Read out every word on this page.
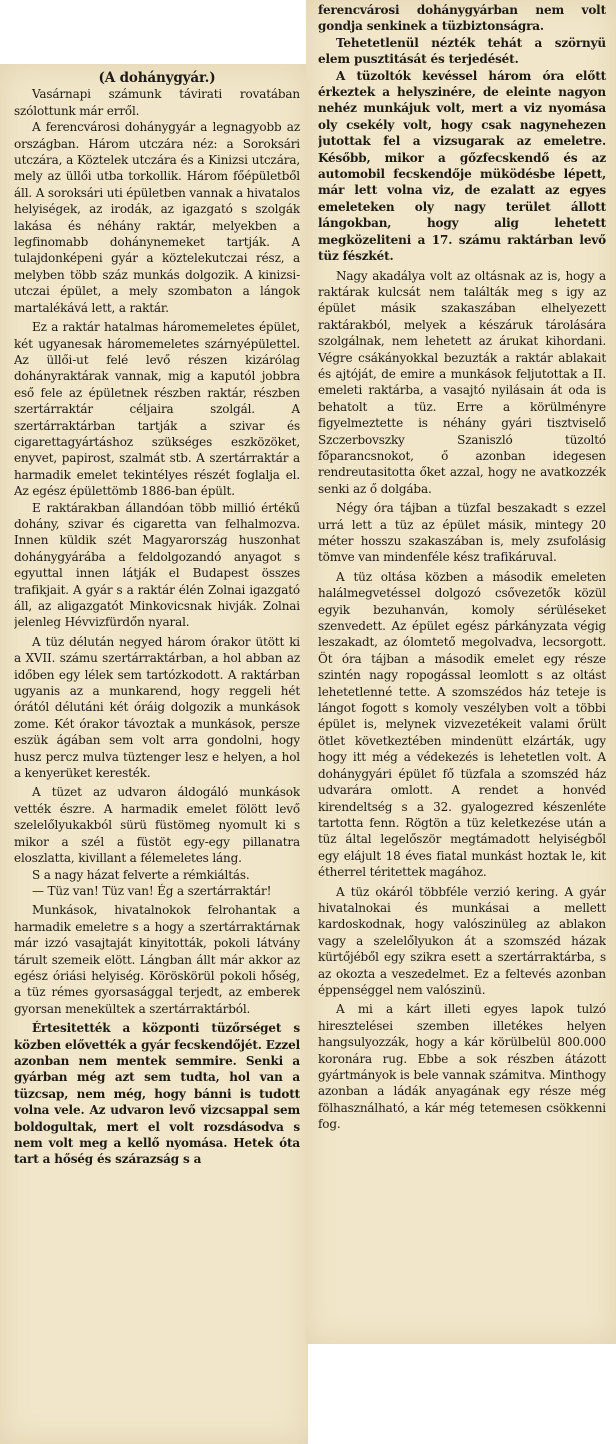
(A dohánygyár.)

Vasárnapi számunk távirati rovatában szólottunk már erről.

A ferencvárosi dohánygyár a legnagyobb az országban. Három utczára néz: a Soroksári utczára, a Köztelek utczára és a Kinizsi utczára, mely az üllői utba torkollik. Három főépületből áll. A soroksári uti épületben vannak a hivatalos helyiségek, az irodák, az igazgató s szolgák lakása és néhány raktár, melyekben a legfinomabb dohánynemeket tartják. A tulajdonképeni gyár a köztelekutczai rész, a melyben több száz munkás dolgozik. A kinizsi-utczai épület, a mely szombaton a lángok martalékává lett, a raktár.

Ez a raktár hatalmas háromemeletes épület, két ugyanesak háromemeletes szárnyépülettel. Az üllői-ut felé levő részen kizárólag dohányraktárak vannak, mig a kaputól jobbra eső fele az épületnek részben raktár, részben szertárraktár céljaira szolgál. A szertárraktárban tartják a szivar és cigarettagyártáshoz szükséges eszközöket, enyvet, papirost, szalmát stb. A szertárraktár a harmadik emelet tekintélyes részét foglalja el. Az egész épülettömb 1886-ban épült.

E raktárakban állandóan több millió értékű dohány, szivar és cigaretta van felhalmozva. Innen küldik szét Magyarország huszonhat dohánygyárába a feldolgozandó anyagot s egyuttal innen látják el Budapest összes trafikjait. A gyár s a raktár élén Zolnai igazgató áll, az aligazgatót Minkovicsnak hivják. Zolnai jelenleg Hévvizfürdőn nyaral.

A tüz délután negyed három órakor ütött ki a XVII. számu szertárraktárban, a hol abban az időben egy lélek sem tartózkodott. A raktárban ugyanis az a munkarend, hogy reggeli hét órától délutáni két óráig dolgozik a munkások zome. Két órakor távoztak a munkások, persze eszük ágában sem volt arra gondolni, hogy husz percz mulva tüztenger lesz e helyen, a hol a kenyerüket keresték.

A tüzet az udvaron áldogáló munkások vették észre. A harmadik emelet fölött levő szelelőlyukakból sürü füstömeg nyomult ki s mikor a szél a füstöt egy-egy pillanatra eloszlatta, kivillant a félemeletes láng.

S a nagy házat felverte a rémkiáltás.

— Tüz van! Tüz van! Ég a szertárraktár!

Munkások, hivatalnokok felrohantak a harmadik emeletre s a hogy a szertárraktárnak már izzó vasajtaját kinyitották, pokoli látvány tárult szemeik elött. Lángban állt már akkor az egész óriási helyiség. Köröskörül pokoli hőség, a tüz rémes gyorsasággal terjedt, az emberek gyorsan menekültek a szertárraktárból.

Értesitették a központi tüzőrséget s közben elővették a gyár fecskendőjét. Ezzel azonban nem mentek semmire. Senki a gyárban még azt sem tudta, hol van a tüzcsap, nem még, hogy bánni is tudott volna vele. Az udvaron levő vizcsappal sem boldogultak, mert el volt rozsdásodva s nem volt meg a kellő nyomása. Hetek óta tart a hőség és szárazság s a

ferencvárosi dohánygyárban nem volt gondja senkinek a tüzbiztonságra.

Tehetetlenül nézték tehát a szörnyü elem pusztitását és terjedését.

A tüzoltók kevéssel három óra előtt érkeztek a helyszinére, de eleinte nagyon nehéz munkájuk volt, mert a viz nyomása oly csekély volt, hogy csak nagynehezen jutottak fel a vizsugarak az emeletre. Később, mikor a gőzfecskendő és az automobil fecskendője müködésbe lépett, már lett volna viz, de ezalatt az egyes emeleteken oly nagy terület állott lángokban, hogy alig lehetett megközeliteni a 17. számu raktárban levő tüz fészkét.

Nagy akadálya volt az oltásnak az is, hogy a raktárak kulcsát nem találták meg s igy az épület másik szakaszában elhelyezett raktárakból, melyek a készáruk tárolására szolgálnak, nem lehetett az árukat kihordani. Végre csákányokkal bezuzták a raktár ablakait és ajtóját, de emire a munkások feljutottak a II. emeleti raktárba, a vasajtó nyilásain át oda is behatolt a tüz. Erre a körülményre figyelmeztette is néhány gyári tisztviselő Szczerbovszky Szaniszló tüzoltó főparancsnokot, ő azonban idegesen rendreutasitotta őket azzal, hogy ne avatkozzék senki az ő dolgába.

Négy óra tájban a tüzfal beszakadt s ezzel urrá lett a tüz az épület másik, mintegy 20 méter hosszu szakaszában is, mely zsufolásig tömve van mindenféle kész trafikáruval.

A tüz oltása közben a második emeleten halálmegvetéssel dolgozó csővezetők közül egyik bezuhanván, komoly sérüléseket szenvedett. Az épület egész párkányzata végig leszakadt, az ólomtető megolvadva, lecsorgott. Öt óra tájban a második emelet egy része szintén nagy ropogással leomlott s az oltást lehetetlenné tette. A szomszédos ház teteje is lángot fogott s komoly veszélyben volt a többi épület is, melynek vizvezetékeit valami őrült ötlet következtében mindenütt elzárták, ugy hogy itt még a védekezés is lehetetlen volt. A dohánygyári épület fő tüzfala a szomszéd ház udvarára omlott. A rendet a honvéd kirendeltség s a 32. gyalogezred készenléte tartotta fenn. Rögtön a tüz keletkezése után a tüz által legelőször megtámadott helyiségből egy elájult 18 éves fiatal munkást hoztak le, kit étherrel téritettek magához.

A tüz okáról többféle verzió kering. A gyár hivatalnokai és munkásai a mellett kardoskodnak, hogy valószinüleg az ablakon vagy a szelelőlyukon át a szomszéd házak kürtőjéből egy szikra esett a szertárraktárba, s az okozta a veszedelmet. Ez a feltevés azonban éppenséggel nem valószinü.

A mi a kárt illeti egyes lapok tulzó hiresztelései szemben illetékes helyen hangsulyozzák, hogy a kár körülbelül 800.000 koronára rug. Ebbe a sok részben átázott gyártmányok is bele vannak számitva. Minthogy azonban a ládák anyagának egy része még fölhasználható, a kár még tetemesen csökkenni fog.
